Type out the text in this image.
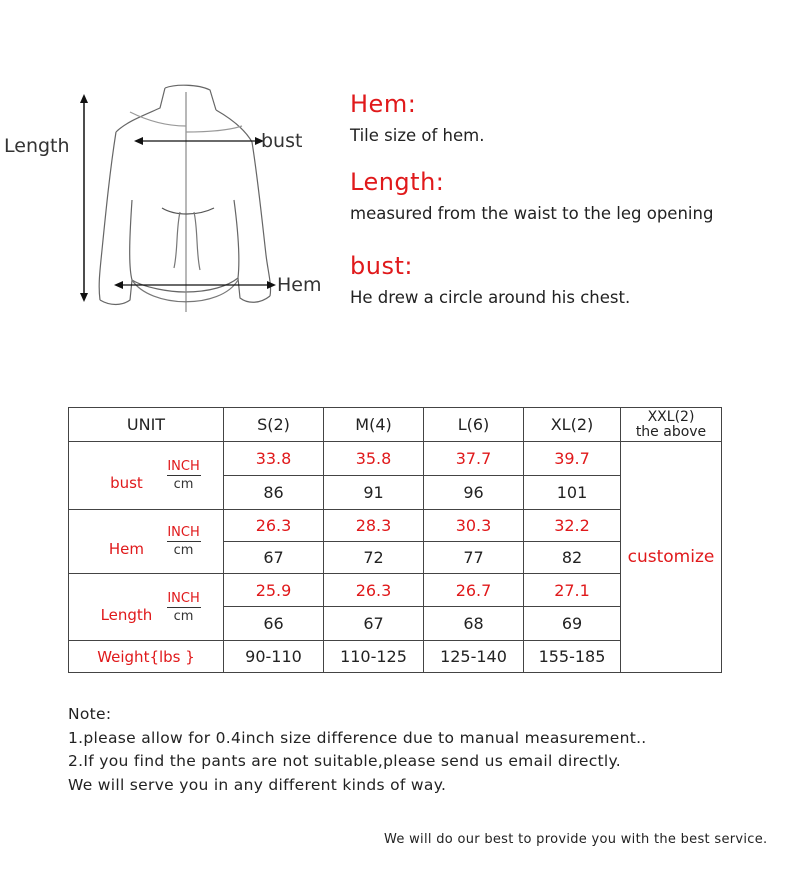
Length	bust
Hem
Hem:
Tile size of hem.
Length:
measured from the waist to the leg opening
bust:
He drew a circle around his chest.
UNIT	S(2)	M(4)	L(6)	XL(2)	XXL(2)
the above
bust $\frac{\text{INCH}}{cm}$	33.8	35.8	37.7	39.7	customize
	86	91	96	101	
Hem $\frac{\text{INCH}}{cm}$	26.3	28.3	30.3	32.2	
	67	72	77	82	
Length $\frac{\text{INCH}}{cm}$	25.9	26.3	26.7	27.1	
	66	67	68	69	
Weight{lbs }	90-110	110-125	125-140	155-185	
Note:
1.please allow for 0.4inch size difference due to manual measurement..
2.If you find the pants are not suitable,please send us email directly.
We will serve you in any different kinds of way.
We will do our best to provide you with the best service.
